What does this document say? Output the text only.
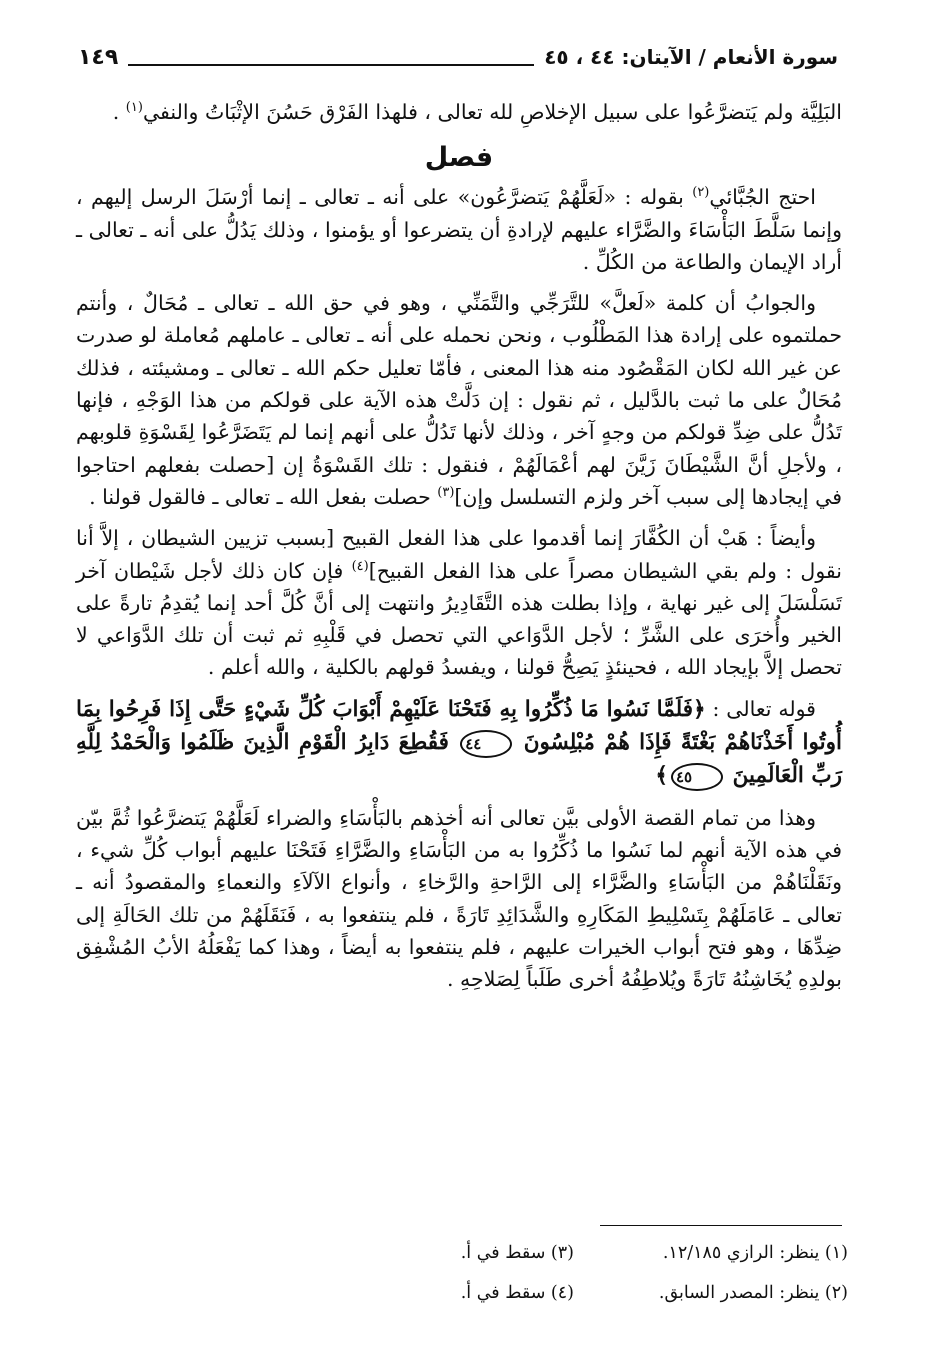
سورة الأنعام / الآيتان: ٤٤ ، ٤٥
١٤٩

البَلِيَّة ولم يَتضرَّعُوا على سبيل الإخلاصِ لله تعالى ، فلهذا الفَرْق حَسُنَ الإثْبَاتُ والنفي$^{(١)}$ .

فصل

احتج الجُبَّائي$^{(٢)}$ بقوله : «لَعَلَّهُمْ يَتضرَّعُون» على أنه ـ تعالى ـ إنما أرْسَلَ الرسل إليهم ، وإنما سَلَّطَ البَأْسَاءَ والضَّرَّاء عليهم لإرادةِ أن يتضرعوا أو يؤمنوا ، وذلك يَدُلُّ على أنه ـ تعالى ـ أراد الإيمان والطاعة من الكُلِّ .

والجوابُ أن كلمة «لَعلَّ» للتَّرَجِّي والتَّمَنِّي ، وهو في حق الله ـ تعالى ـ مُحَالٌ ، وأنتم حملتموه على إرادة هذا المَطْلُوب ، ونحن نحمله على أنه ـ تعالى ـ عاملهم مُعاملة لو صدرت عن غير الله لكان المَقْصُود منه هذا المعنى ، فأمّا تعليل حكم الله ـ تعالى ـ ومشيئته ، فذلك مُحَالٌ على ما ثبت بالدَّليل ، ثم نقول : إن دَلَّتْ هذه الآية على قولكم من هذا الوَجْهِ ، فإنها تَدُلُّ على ضِدِّ قولكم من وجهٍ آخر ، وذلك لأنها تَدُلُّ على أنهم إنما لم يَتَضَرَّعُوا لِقَسْوَةِ قلوبهم ، ولأجلِ أنَّ الشَّيْطَانَ زَيَّنَ لهم أعْمَالَهُمْ ، فنقول : تلك القَسْوَةُ إن [حصلت بفعلهم احتاجوا في إيجادها إلى سبب آخر ولزم التسلسل وإن]$^{(٣)}$ حصلت بفعل الله ـ تعالى ـ فالقول قولنا .

وأيضاً : هَبْ أن الكُفَّارَ إنما أقدموا على هذا الفعل القبيح [بسبب تزيين الشيطان ، إلاَّ أنا نقول : ولم بقي الشيطان مصراً على هذا الفعل القبيح]$^{(٤)}$ فإن كان ذلك لأجل شَيْطان آخر تَسَلْسَلَ إلى غير نهاية ، وإذا بطلت هذه التَّقَادِيرُ وانتهت إلى أنَّ كُلَّ أحد إنما يُقدِمُ تارةً على الخير وأُخرَى على الشَّرِّ ؛ لأجل الدَّوَاعي التي تحصل في قَلْبِهِ ثم ثبت أن تلك الدَّوَاعي لا تحصل إلاَّ بإيجاد الله ، فحينئذٍ يَصِحُّ قولنا ، ويفسدُ قولهم بالكلية ، والله أعلم .

قوله تعالى : ﴿فَلَمَّا نَسُوا مَا ذُكِّرُوا بِهِ فَتَحْنَا عَلَيْهِمْ أَبْوَابَ كُلِّ شَيْءٍ حَتَّى إِذَا فَرِحُوا بِمَا أُوتُوا أَخَذْنَاهُمْ بَغْتَةً فَإِذَا هُمْ مُبْلِسُونَ ٤٤ فَقُطِعَ دَابِرُ الْقَوْمِ الَّذِينَ ظَلَمُوا وَالْحَمْدُ لِلَّهِ رَبِّ الْعَالَمِينَ ٤٥﴾

وهذا من تمام القصة الأولى بيَّن تعالى أنه أخذهم بالبَأْسَاءِ والضراء لَعَلَّهُمْ يَتضرَّعُوا ثُمَّ بيّن في هذه الآية أنهم لما نَسُوا ما ذُكِّرُوا به من البَأْسَاءِ والضَّرَّاءِ فَتَحْنَا عليهم أبواب كُلِّ شيء ، ونَقَلْنَاهُمْ من البَأْسَاءِ والضَّرَّاء إلى الرَّاحةِ والرَّخاءِ ، وأنواع الآلاَءِ والنعماءِ والمقصودُ أنه ـ تعالى ـ عَامَلَهُمْ بِتَسْلِيطِ المَكَارِهِ والشَّدَائِدِ تَارَةً ، فلم ينتفعوا به ، فَنَقَلَهُمْ من تلك الحَالَةِ إلى ضِدِّهَا ، وهو فتح أبواب الخيرات عليهم ، فلم ينتفعوا به أيضاً ، وهذا كما يَفْعَلُهُ الأبُ المُشْفِق بولدِهِ يُخَاشِنُهُ تَارَةً ويُلاطِفُهُ أخرى طَلَباً لِصَلاحِهِ .

(١) ينظر: الرازي ١٢/١٨٥.
(٣) سقط في أ.
(٢) ينظر: المصدر السابق.
(٤) سقط في أ.
